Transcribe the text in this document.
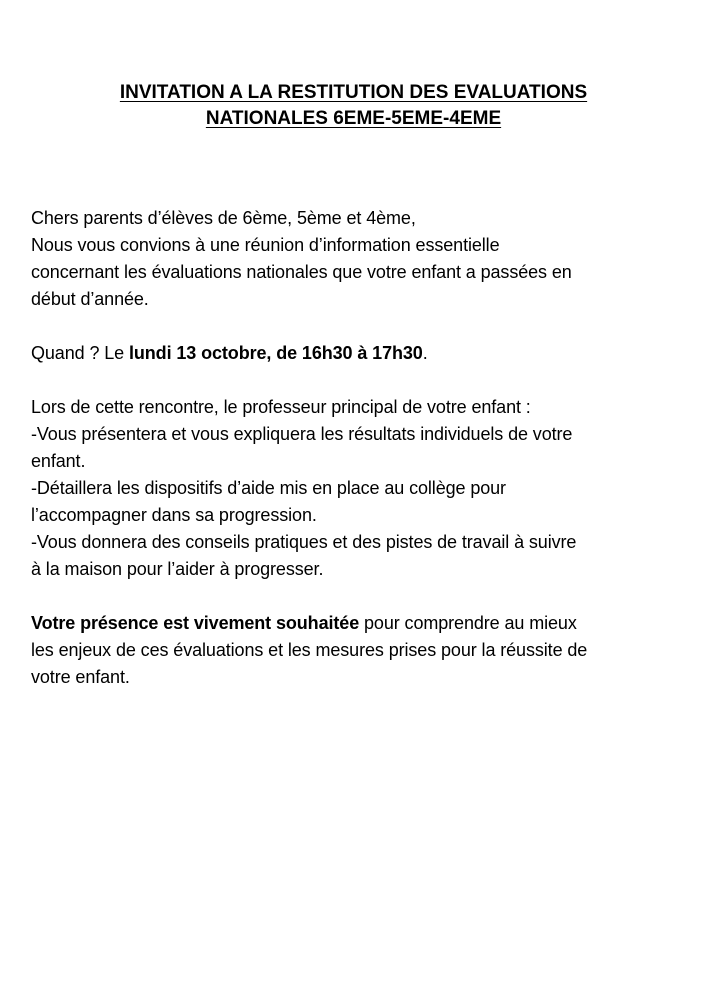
INVITATION A LA RESTITUTION DES EVALUATIONS
NATIONALES 6EME-5EME-4EME

Chers parents d’élèves de 6ème, 5ème et 4ème,
Nous vous convions à une réunion d’information essentielle
concernant les évaluations nationales que votre enfant a passées en
début d’année.

Quand ? Le lundi 13 octobre, de 16h30 à 17h30.

Lors de cette rencontre, le professeur principal de votre enfant :
-Vous présentera et vous expliquera les résultats individuels de votre
enfant.
-Détaillera les dispositifs d’aide mis en place au collège pour
l’accompagner dans sa progression.
-Vous donnera des conseils pratiques et des pistes de travail à suivre
à la maison pour l’aider à progresser.

Votre présence est vivement souhaitée pour comprendre au mieux
les enjeux de ces évaluations et les mesures prises pour la réussite de
votre enfant.
